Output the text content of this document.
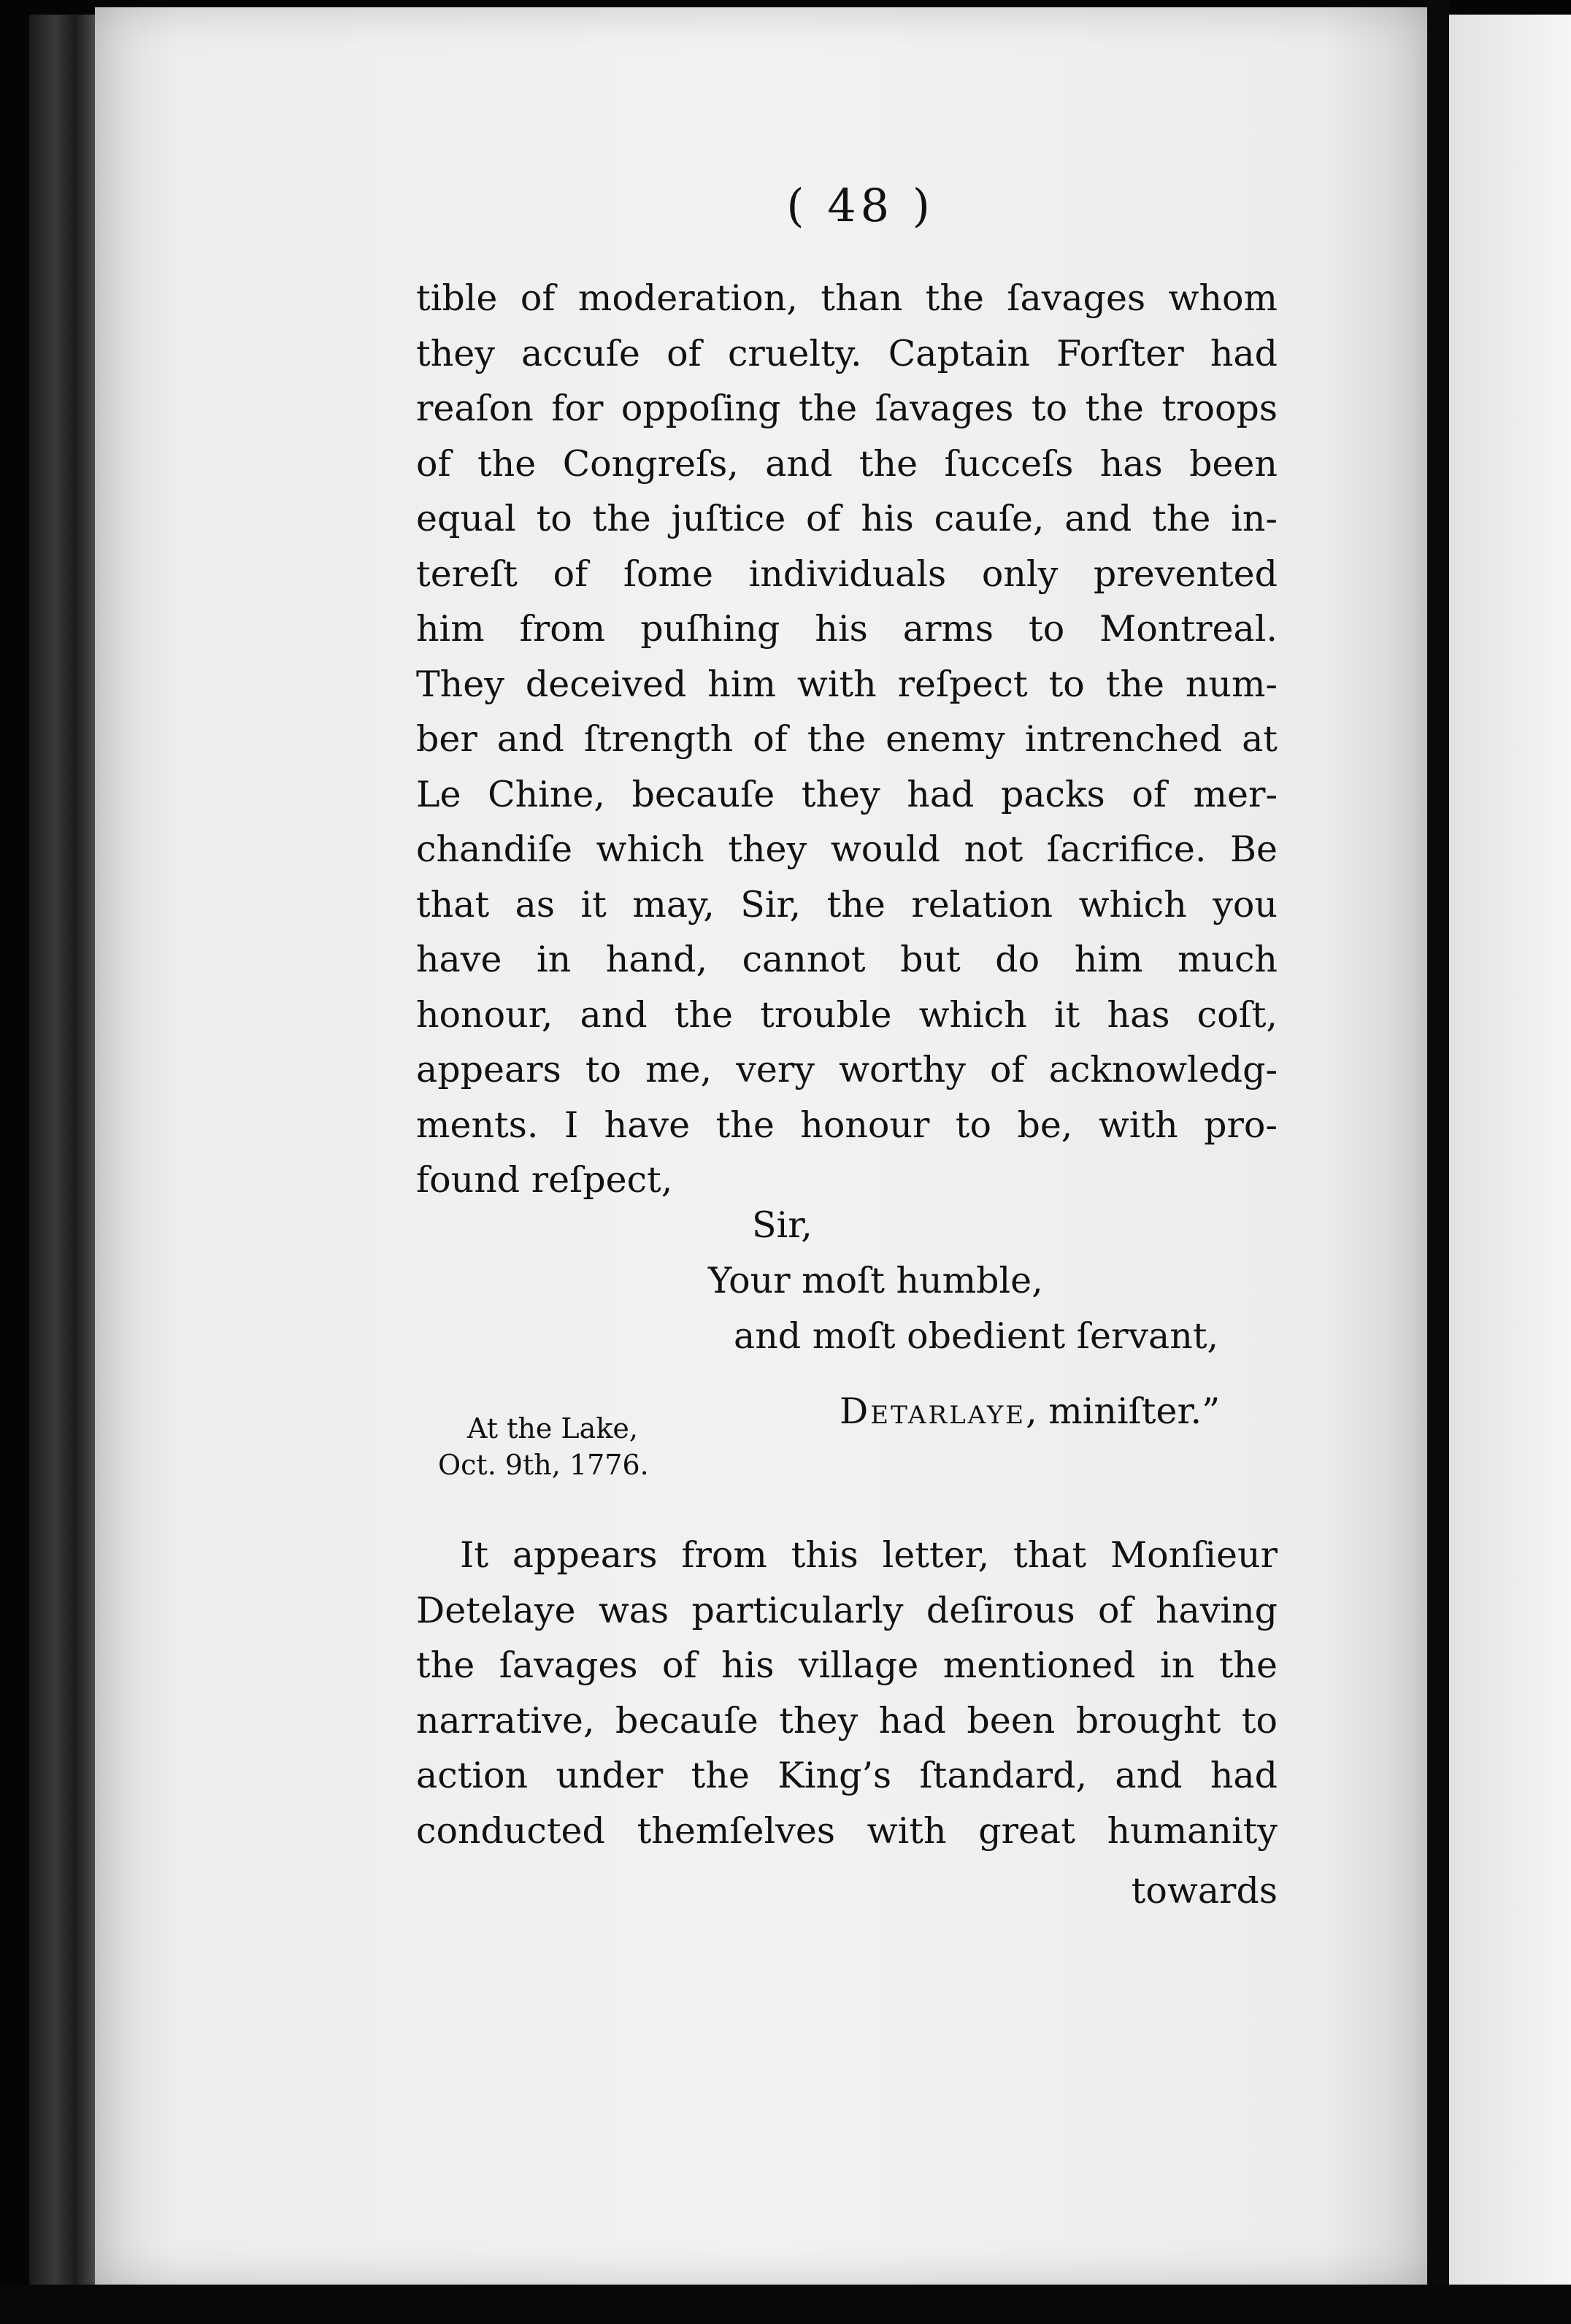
( 48 )
tible of moderation, than the ſavages whom
they accuſe of cruelty. Captain Forſter had
reaſon for oppoſing the ſavages to the troops
of the Congreſs, and the ſucceſs has been
equal to the juſtice of his cauſe, and the in-
tereſt of ſome individuals only prevented
him from puſhing his arms to Montreal.
They deceived him with reſpect to the num-
ber and ſtrength of the enemy intrenched at
Le Chine, becauſe they had packs of mer-
chandiſe which they would not ſacrifice. Be
that as it may, Sir, the relation which you
have in hand, cannot but do him much
honour, and the trouble which it has coſt,
appears to me, very worthy of acknowledg-
ments. I have the honour to be, with pro-
found reſpect,
Sir,
Your moſt humble,
and moſt obedient ſervant,
At the Lake,
Oct. 9th, 1776.
Detarlaye, miniſter.”
It appears from this letter, that Monſieur
Detelaye was particularly deſirous of having
the ſavages of his village mentioned in the
narrative, becauſe they had been brought to
action under the King’s ſtandard, and had
conducted themſelves with great humanity
towards
